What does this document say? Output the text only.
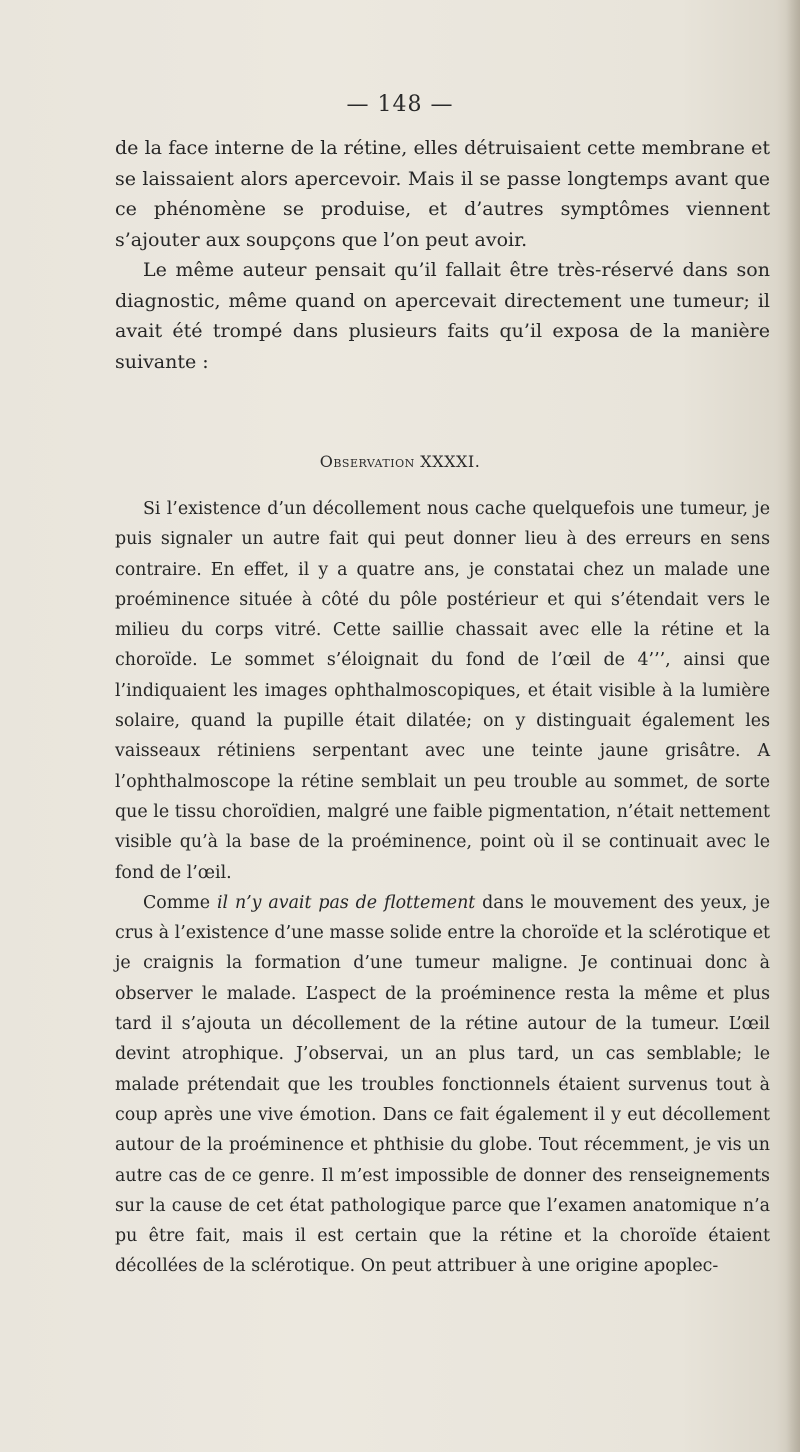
— 148 —

de la face interne de la rétine, elles détruisaient cette membrane et se laissaient alors apercevoir. Mais il se passe longtemps avant que ce phénomène se produise, et d’autres symptômes viennent s’ajouter aux soupçons que l’on peut avoir.

Le même auteur pensait qu’il fallait être très-réservé dans son diagnostic, même quand on apercevait directement une tumeur; il avait été trompé dans plusieurs faits qu’il exposa de la manière suivante :

Observation XXXXI.

Si l’existence d’un décollement nous cache quelquefois une tumeur, je puis signaler un autre fait qui peut donner lieu à des erreurs en sens contraire. En effet, il y a quatre ans, je constatai chez un malade une proéminence située à côté du pôle postérieur et qui s’étendait vers le milieu du corps vitré. Cette saillie chassait avec elle la rétine et la choroïde. Le sommet s’éloignait du fond de l’œil de 4’’’, ainsi que l’indiquaient les images ophthalmoscopiques, et était visible à la lumière solaire, quand la pupille était dilatée; on y distinguait également les vaisseaux rétiniens serpentant avec une teinte jaune grisâtre. A l’ophthalmoscope la rétine semblait un peu trouble au sommet, de sorte que le tissu choroïdien, malgré une faible pigmentation, n’était nettement visible qu’à la base de la proéminence, point où il se continuait avec le fond de l’œil.

Comme il n’y avait pas de flottement dans le mouvement des yeux, je crus à l’existence d’une masse solide entre la choroïde et la sclérotique et je craignis la formation d’une tumeur maligne. Je continuai donc à observer le malade. L’aspect de la proéminence resta la même et plus tard il s’ajouta un décollement de la rétine autour de la tumeur. L’œil devint atrophique. J’observai, un an plus tard, un cas semblable; le malade prétendait que les troubles fonctionnels étaient survenus tout à coup après une vive émotion. Dans ce fait également il y eut décollement autour de la proéminence et phthisie du globe. Tout récemment, je vis un autre cas de ce genre. Il m’est impossible de donner des renseignements sur la cause de cet état pathologique parce que l’examen anatomique n’a pu être fait, mais il est certain que la rétine et la choroïde étaient décollées de la sclérotique. On peut attribuer à une origine apoplec-
